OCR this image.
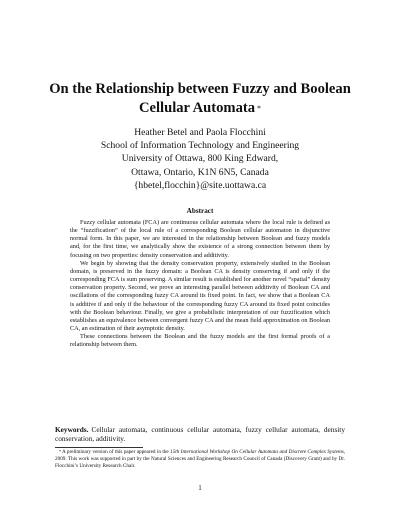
On the Relationship between Fuzzy and Boolean
Cellular Automata *
Heather Betel and Paola Flocchini
School of Information Technology and Engineering
University of Ottawa, 800 King Edward,
Ottawa, Ontario, K1N 6N5, Canada
{hbetel,flocchin}@site.uottawa.ca
Abstract

Fuzzy cellular automata (FCA) are continuous cellular automata where the local rule is defined as the “fuzzification” of the local rule of a corresponding Boolean cellular automaton in disjunctive normal form. In this paper, we are interested in the relationship between Boolean and fuzzy models and, for the first time, we analytically show the existence of a strong connection between them by focusing on two properties: density conservation and additivity.

We begin by showing that the density conservation property, extensively studied in the Boolean domain, is preserved in the fuzzy domain: a Boolean CA is density conserving if and only if the corresponding FCA is sum preserving. A similar result is established for another novel “spatial” density conservation property. Second, we prove an interesting parallel between additivity of Boolean CA and oscillations of the corresponding fuzzy CA around its fixed point. In fact, we show that a Boolean CA is additive if and only if the behaviour of the corresponding fuzzy CA around its fixed point coincides with the Boolean behaviour. Finally, we give a probabilistic interpretation of our fuzzification which establishes an equivalence between convergent fuzzy CA and the mean field approximation on Boolean CA, an estimation of their asymptotic density.

These connections between the Boolean and the fuzzy models are the first formal proofs of a relationship between them.

Keywords. Cellular automata, continuous cellular automata, fuzzy cellular automata, density conservation, additivity.
*A preliminary version of this paper appeared in the 15th International Workshop On Cellular Automata and Discrete Complex Systems, 2009. This work was supported in part by the Natural Sciences and Engineering Research Council of Canada (Discovery Grant) and by Dr. Flocchini’s University Research Chair.
1
